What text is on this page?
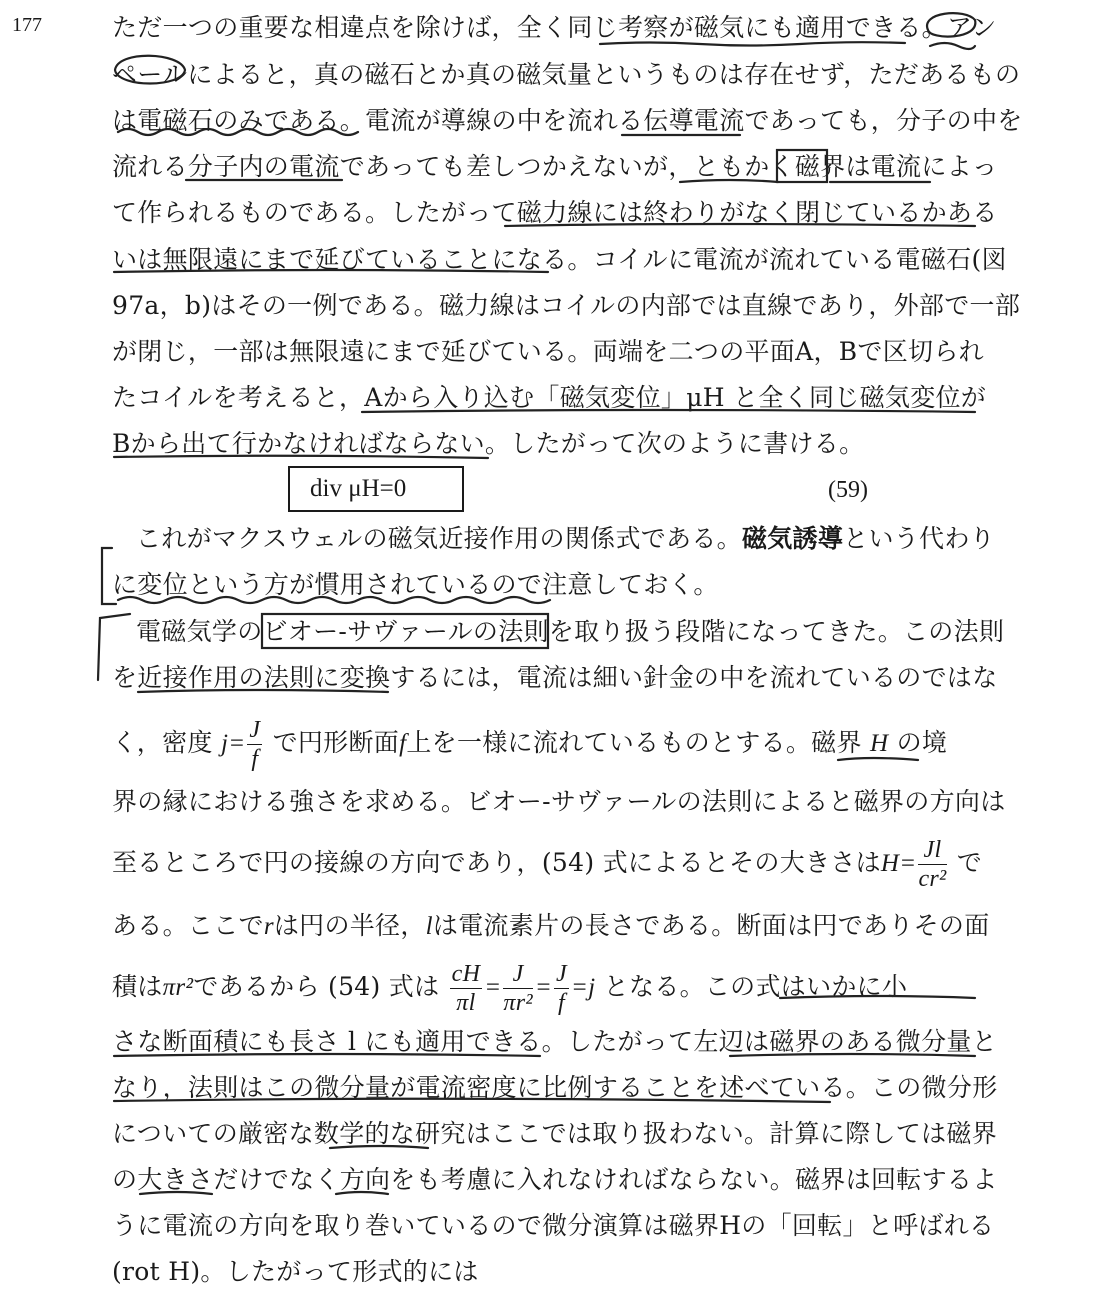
177	ただ一つの重要な相違点を除けば，全く同じ考察が磁気にも適用できる。アン
ペールによると，真の磁石とか真の磁気量というものは存在せず，ただあるもの
は電磁石のみである。電流が導線の中を流れる伝導電流であっても，分子の中を
流れる分子内の電流であっても差しつかえないが，ともかく磁界は電流によっ
て作られるものである。したがって磁力線には終わりがなく閉じているかある
いは無限遠にまで延びていることになる。コイルに電流が流れている電磁石(図
97a，b)はその一例である。磁力線はコイルの内部では直線であり，外部で一部
が閉じ，一部は無限遠にまで延びている。両端を二つの平面A，Bで区切られ
たコイルを考えると，Aから入り込む「磁気変位」μH と全く同じ磁気変位が
Bから出て行かなければならない。したがって次のように書ける。
これがマクスウェルの磁気近接作用の関係式である。磁気誘導という代わり
に変位という方が慣用されているので注意しておく。
電磁気学のビオー-サヴァールの法則を取り扱う段階になってきた。この法則
を近接作用の法則に変換するには，電流は細い針金の中を流れているのではな
く，密度 $j= \frac{J}{f}$ で円形断面f上を一様に流れているものとする。磁界 H の境
界の縁における強さを求める。ビオー-サヴァールの法則によると磁界の方向は
至るところで円の接線の方向であり，(54) 式によるとその大きさは$H= \frac{Jl}{\text{cr²}}$ で
ある。ここでrは円の半径，lは電流素片の長さである。断面は円でありその面
積はπr²であるから (54) 式は $\frac{cH}{\pi l} = \frac{J}{\text{πr²}} = \frac{J}{f} =j$ となる。この式はいかに小
さな断面積にも長さ l にも適用できる。したがって左辺は磁界のある微分量と
なり，法則はこの微分量が電流密度に比例することを述べている。この微分形
についての厳密な数学的な研究はここでは取り扱わない。計算に際しては磁界
の大きさだけでなく方向をも考慮に入れなければならない。磁界は回転するよ
うに電流の方向を取り巻いているので微分演算は磁界Hの「回転」と呼ばれる
(rot H)。したがって形式的には
div μH=0	(59)
